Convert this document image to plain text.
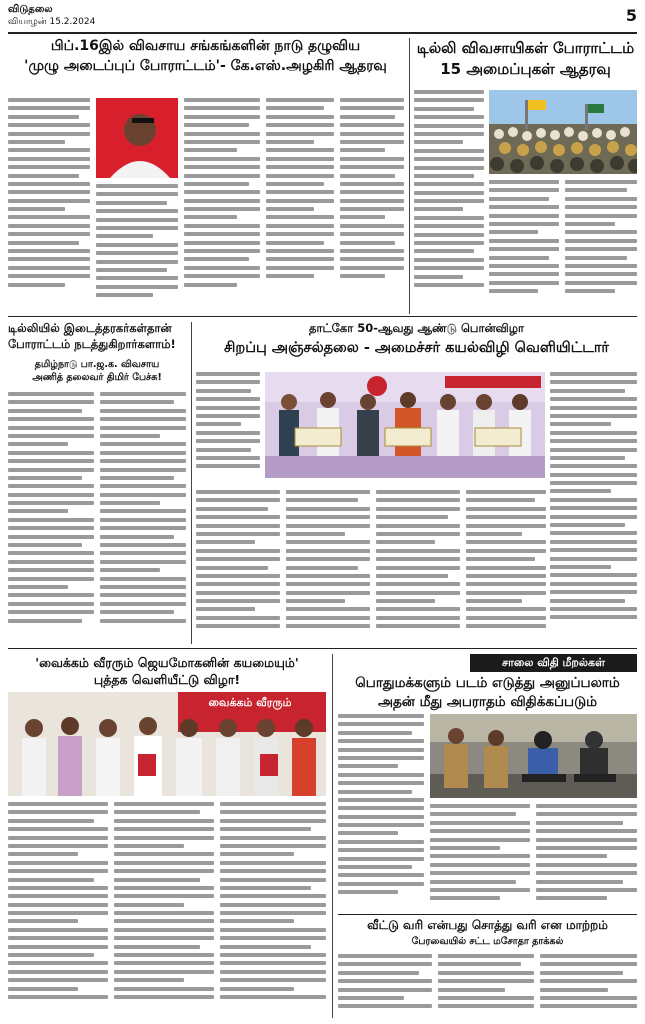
விடுதலை
வியாழன் 15.2.2024	5
பிப்.16இல் விவசாய சங்கங்களின் நாடு தழுவிய
'முழு அடைப்புப் போராட்டம்'- கே.எஸ்.அழகிரி ஆதரவு
டில்லி விவசாயிகள் போராட்டம்
15 அமைப்புகள் ஆதரவு
டில்லியில் இடைத்தரகர்கள்தான்
போராட்டம் நடத்துகிறார்களாம்!
தமிழ்நாடு பா.ஜ.க. விவசாய
அணித் தலைவர் திமிர் பேச்சு!
தாட்கோ 50-ஆவது ஆண்டு பொன்விழா
சிறப்பு அஞ்சல்தலை - அமைச்சர் கயல்விழி வெளியிட்டார்
'வைக்கம் வீரரும் ஜெயமோகனின் கயமையும்'
புத்தக வெளியீட்டு விழா!
வைக்கம் வீரரும்
சாலை விதி மீறல்கள்
பொதுமக்களும் படம் எடுத்து அனுப்பலாம்
அதன் மீது அபராதம் விதிக்கப்படும்
வீட்டு வரி என்பது சொத்து வரி என மாற்றம்
பேரவையில் சட்ட மசோதா தாக்கல்
